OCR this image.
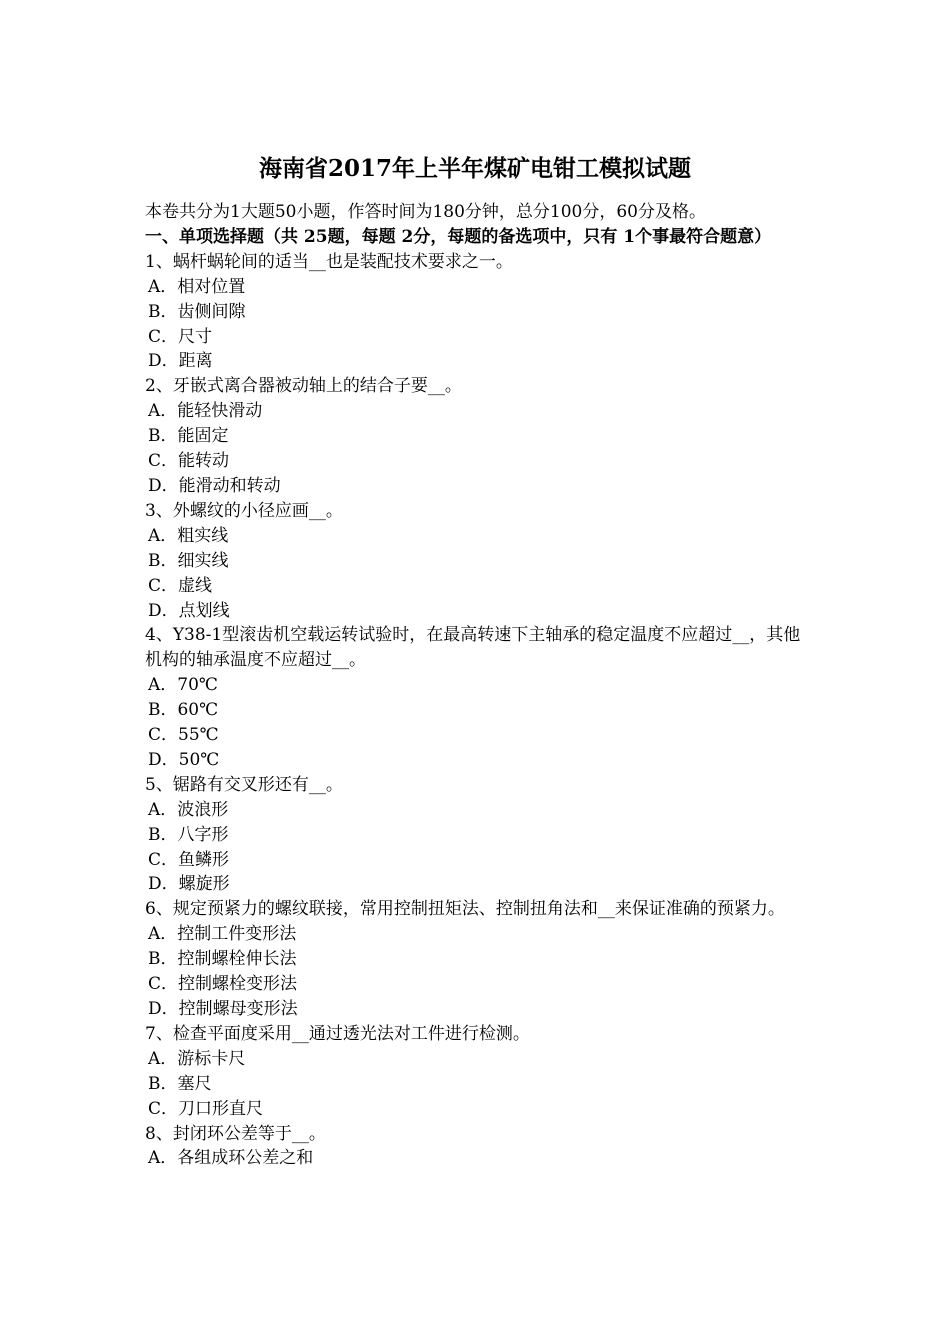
海南省2017年上半年煤矿电钳工模拟试题
本卷共分为1大题50小题，作答时间为180分钟，总分100分，60分及格。
一、单项选择题（共 25题，每题 2分，每题的备选项中，只有 1个事最符合题意）
1、蜗杆蜗轮间的适当__也是装配技术要求之一。
A．相对位置
B．齿侧间隙
C．尺寸
D．距离
2、牙嵌式离合器被动轴上的结合子要__。
A．能轻快滑动
B．能固定
C．能转动
D．能滑动和转动
3、外螺纹的小径应画__。
A．粗实线
B．细实线
C．虚线
D．点划线
4、Y38-1型滚齿机空载运转试验时，在最高转速下主轴承的稳定温度不应超过__，其他机构的轴承温度不应超过__。
A．70℃
B．60℃
C．55℃
D．50℃
5、锯路有交叉形还有__。
A．波浪形
B．八字形
C．鱼鳞形
D．螺旋形
6、规定预紧力的螺纹联接，常用控制扭矩法、控制扭角法和__来保证准确的预紧力。
A．控制工件变形法
B．控制螺栓伸长法
C．控制螺栓变形法
D．控制螺母变形法
7、检查平面度采用__通过透光法对工件进行检测。
A．游标卡尺
B．塞尺
C．刀口形直尺
8、封闭环公差等于__。
A．各组成环公差之和
